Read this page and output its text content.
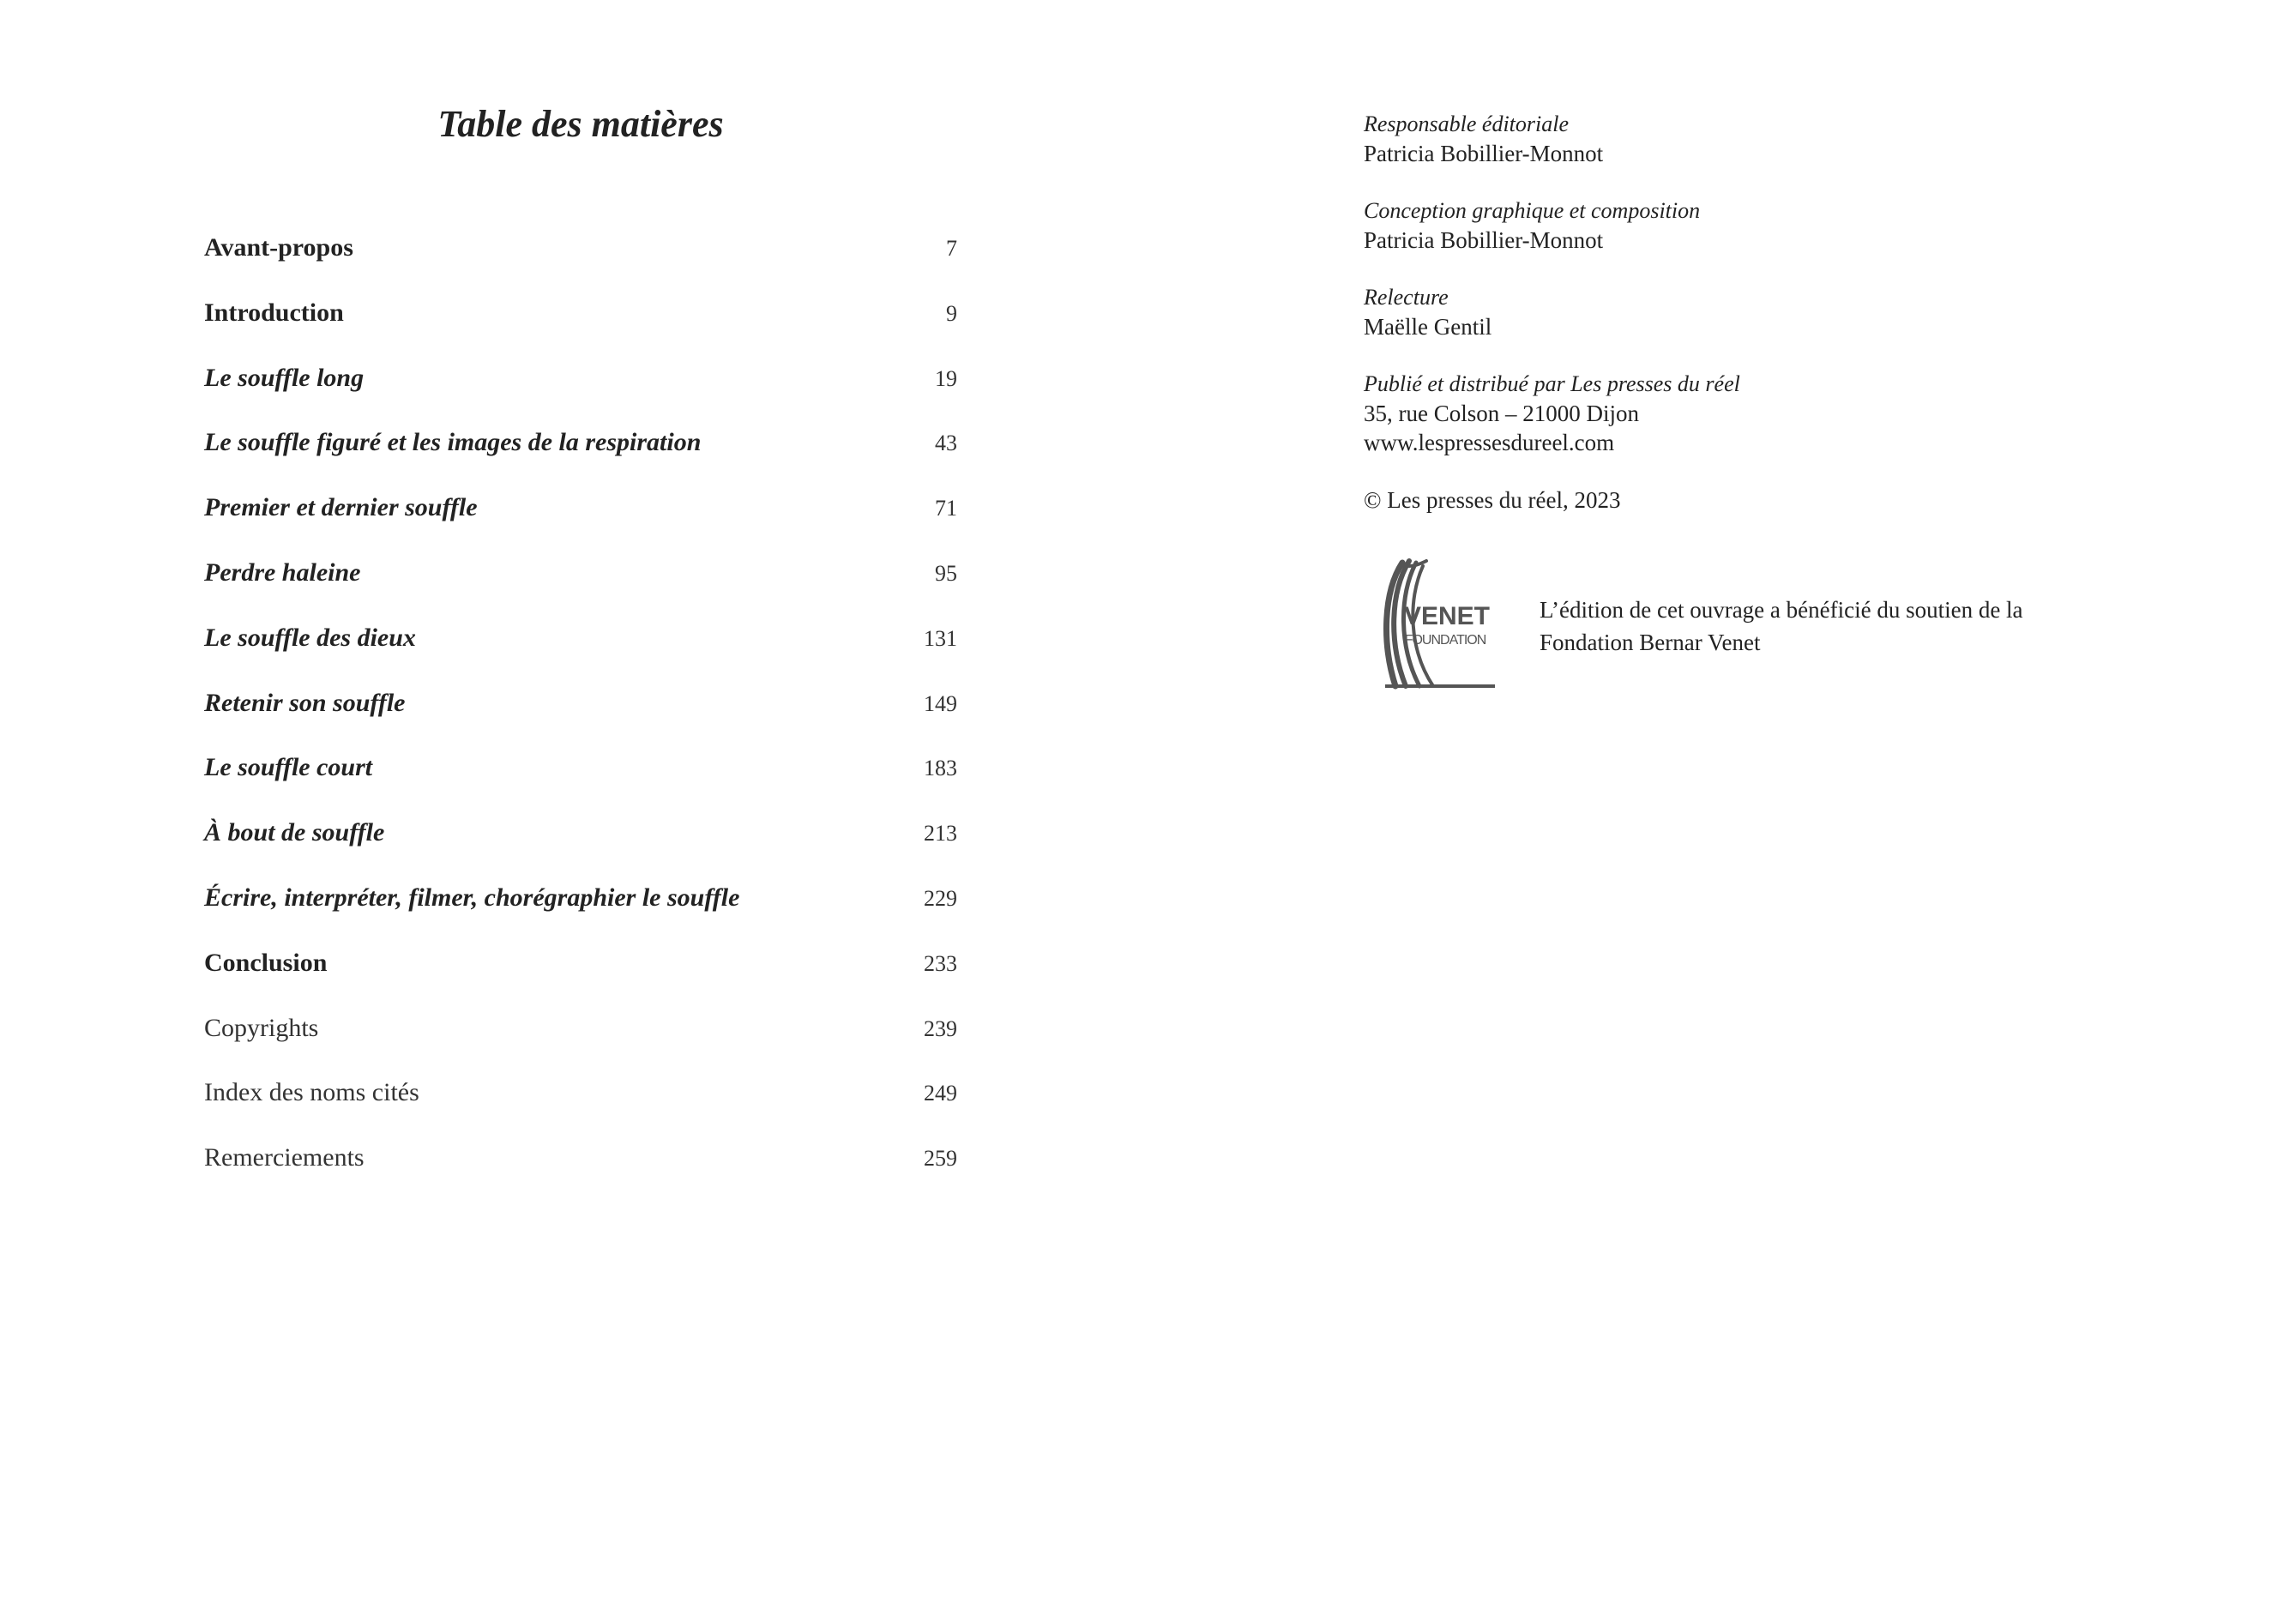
Table des matières
Avant-propos	7
Introduction	9
Le souffle long	19
Le souffle figuré et les images de la respiration	43
Premier et dernier souffle	71
Perdre haleine	95
Le souffle des dieux	131
Retenir son souffle	149
Le souffle court	183
À bout de souffle	213
Écrire, interpréter, filmer, chorégraphier le souffle	229
Conclusion	233
Copyrights	239
Index des noms cités	249
Remerciements	259
Responsable éditoriale
Patricia Bobillier-Monnot
Conception graphique et composition
Patricia Bobillier-Monnot
Relecture
Maëlle Gentil
Publié et distribué par Les presses du réel
35, rue Colson – 21000 Dijon
www.lespressesdureel.com
© Les presses du réel, 2023
VENET
FOUNDATION
L’édition de cet ouvrage a bénéficié du soutien de la
Fondation Bernar Venet
